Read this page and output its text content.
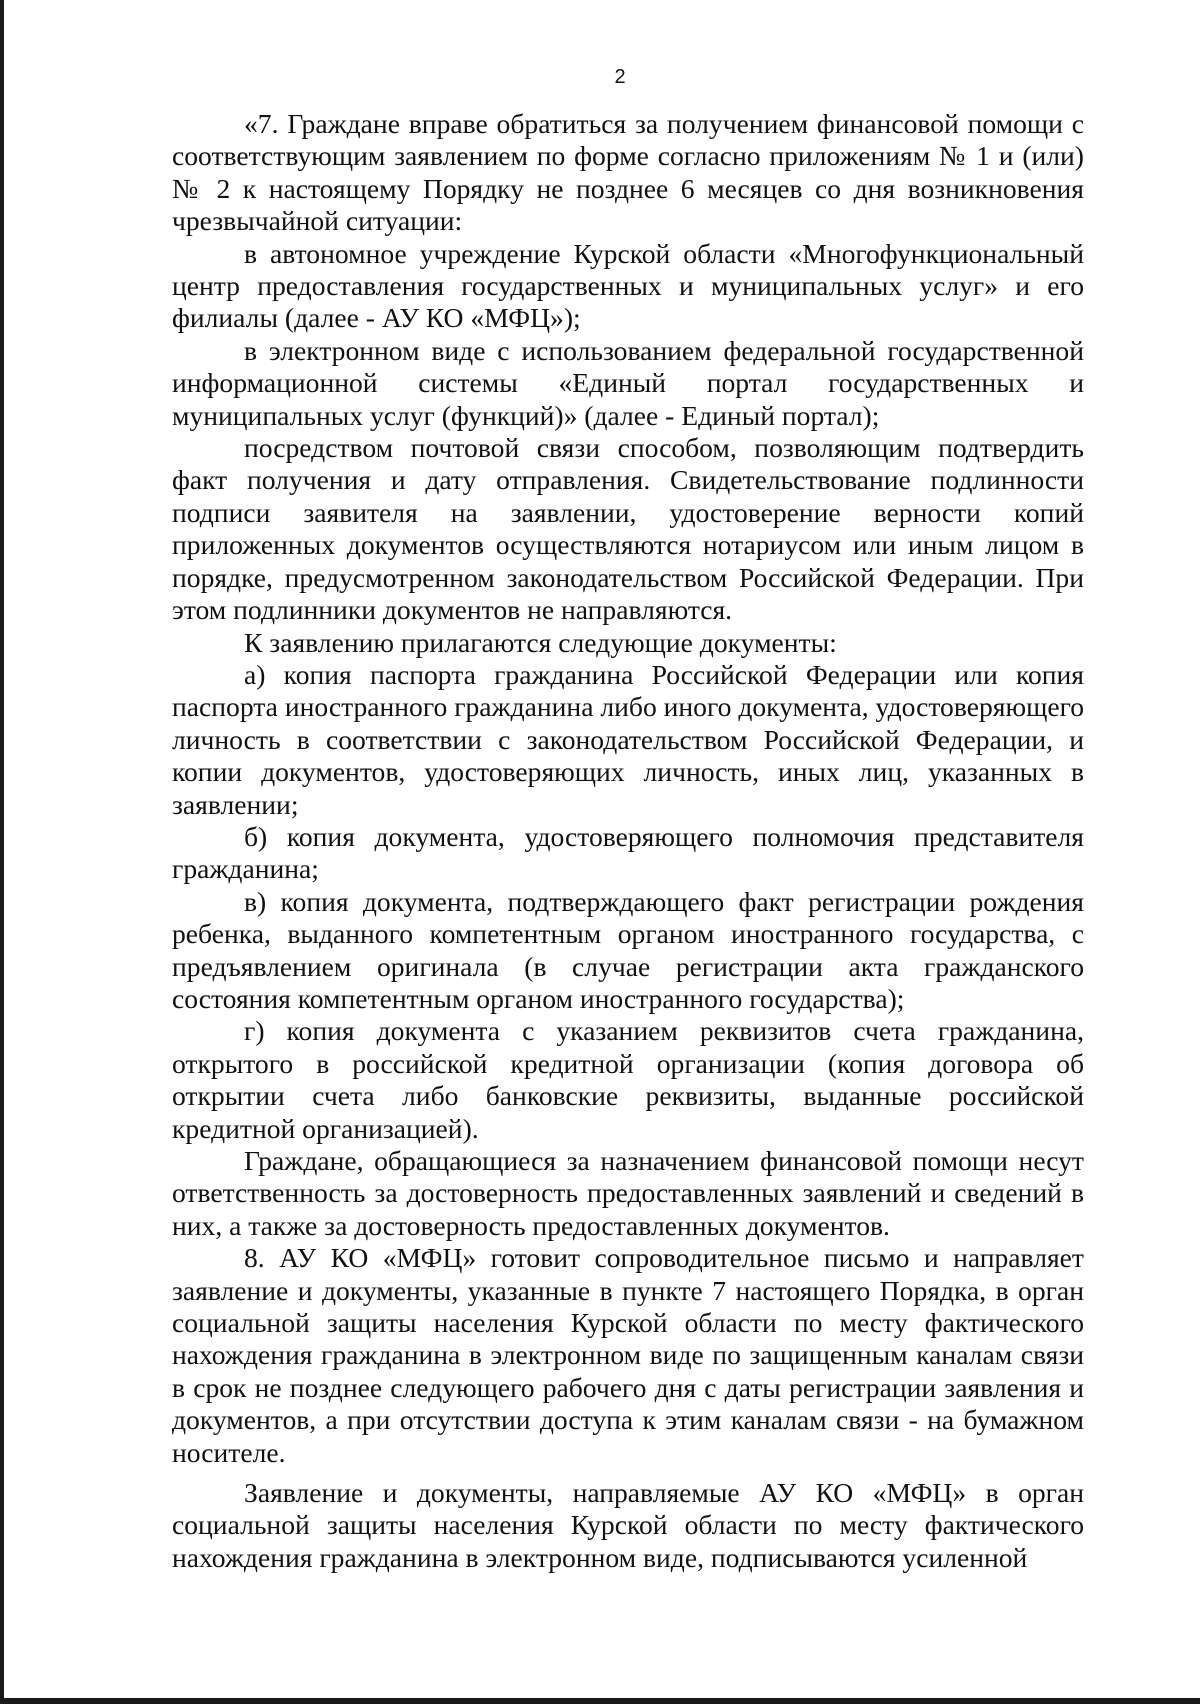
2

«7. Граждане вправе обратиться за получением финансовой помощи с соответствующим заявлением по форме согласно приложениям № 1 и (или) № 2 к настоящему Порядку не позднее 6 месяцев со дня возникновения чрезвычайной ситуации:

в автономное учреждение Курской области «Многофункциональный центр предоставления государственных и муниципальных услуг» и его филиалы (далее - АУ КО «МФЦ»);

в электронном виде с использованием федеральной государственной информационной системы «Единый портал государственных и муниципальных услуг (функций)» (далее - Единый портал);

посредством почтовой связи способом, позволяющим подтвердить факт получения и дату отправления. Свидетельствование подлинности подписи заявителя на заявлении, удостоверение верности копий приложенных документов осуществляются нотариусом или иным лицом в порядке, предусмотренном законодательством Российской Федерации. При этом подлинники документов не направляются.

К заявлению прилагаются следующие документы:

а) копия паспорта гражданина Российской Федерации или копия паспорта иностранного гражданина либо иного документа, удостоверяющего личность в соответствии с законодательством Российской Федерации, и копии документов, удостоверяющих личность, иных лиц, указанных в заявлении;

б) копия документа, удостоверяющего полномочия представителя гражданина;

в) копия документа, подтверждающего факт регистрации рождения ребенка, выданного компетентным органом иностранного государства, с предъявлением оригинала (в случае регистрации акта гражданского состояния компетентным органом иностранного государства);

г) копия документа с указанием реквизитов счета гражданина, открытого в российской кредитной организации (копия договора об открытии счета либо банковские реквизиты, выданные российской кредитной организацией).

Граждане, обращающиеся за назначением финансовой помощи несут ответственность за достоверность предоставленных заявлений и сведений в них, а также за достоверность предоставленных документов.

8. АУ КО «МФЦ» готовит сопроводительное письмо и направляет заявление и документы, указанные в пункте 7 настоящего Порядка, в орган социальной защиты населения Курской области по месту фактического нахождения гражданина в электронном виде по защищенным каналам связи в срок не позднее следующего рабочего дня с даты регистрации заявления и документов, а при отсутствии доступа к этим каналам связи - на бумажном носителе.

Заявление и документы, направляемые АУ КО «МФЦ» в орган социальной защиты населения Курской области по месту фактического нахождения гражданина в электронном виде, подписываются усиленной
